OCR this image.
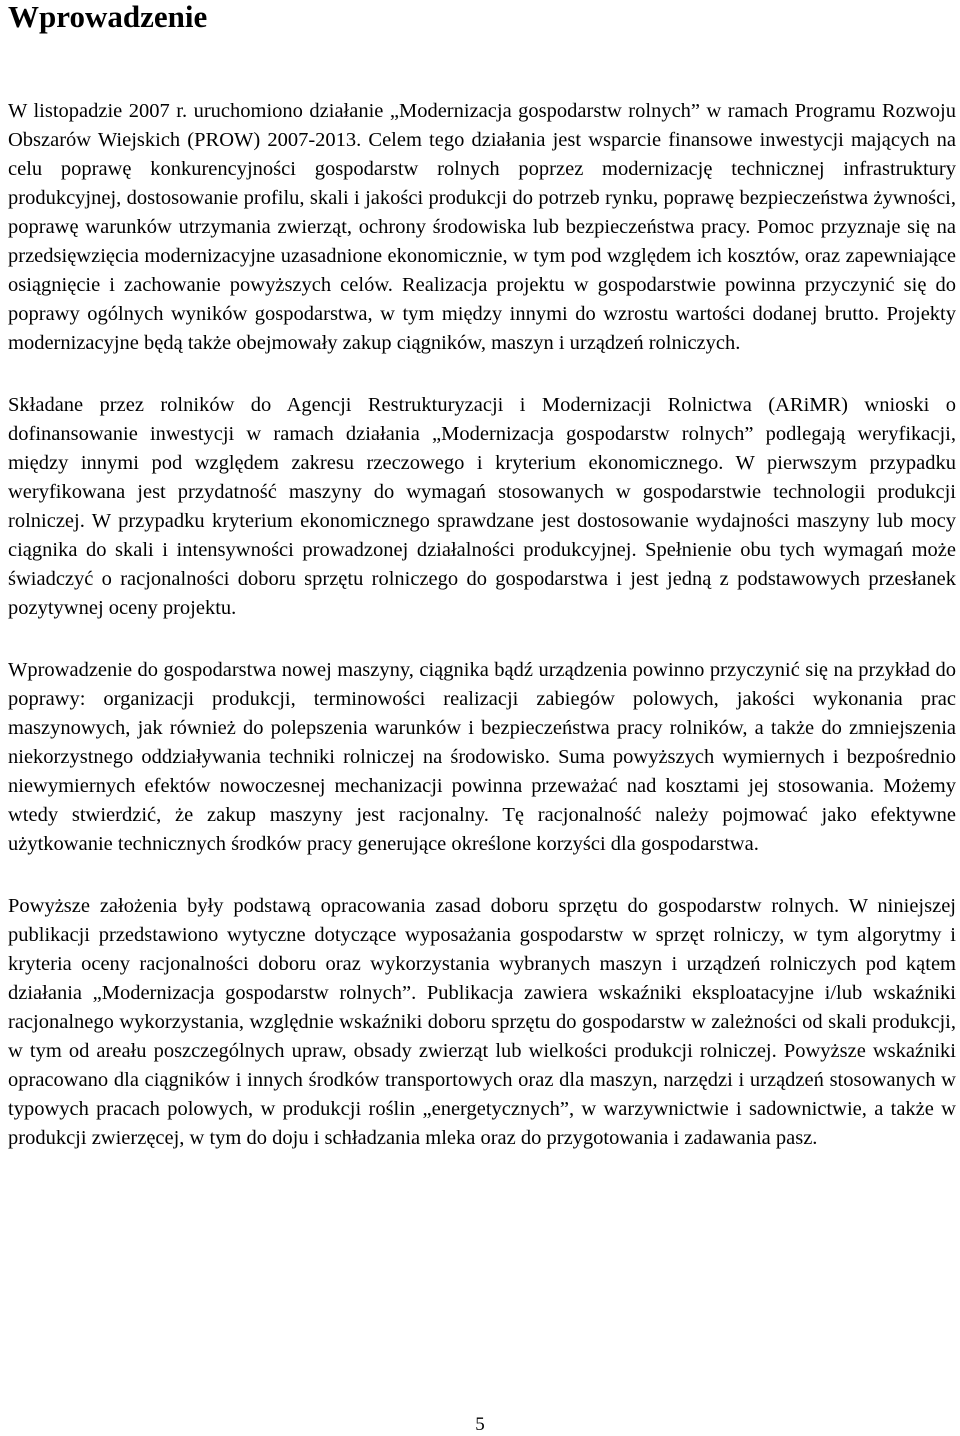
Wprowadzenie

W listopadzie 2007 r. uruchomiono działanie „Modernizacja gospodarstw rolnych” w ramach Programu Rozwoju Obszarów Wiejskich (PROW) 2007-2013. Celem tego działania jest wsparcie finansowe inwestycji mających na celu poprawę konkurencyjności gospodarstw rolnych poprzez modernizację technicznej infrastruktury produkcyjnej, dostosowanie profilu, skali i jakości produkcji do potrzeb rynku, poprawę bezpieczeństwa żywności, poprawę warunków utrzymania zwierząt, ochrony środowiska lub bezpieczeństwa pracy. Pomoc przyznaje się na przedsięwzięcia modernizacyjne uzasadnione ekonomicznie, w tym pod względem ich kosztów, oraz zapewniające osiągnięcie i zachowanie powyższych celów. Realizacja projektu w gospodarstwie powinna przyczynić się do poprawy ogólnych wyników gospodarstwa, w tym między innymi do wzrostu wartości dodanej brutto. Projekty modernizacyjne będą także obejmowały zakup ciągników, maszyn i urządzeń rolniczych.

Składane przez rolników do Agencji Restrukturyzacji i Modernizacji Rolnictwa (ARiMR) wnioski o dofinansowanie inwestycji w ramach działania „Modernizacja gospodarstw rolnych” podlegają weryfikacji, między innymi pod względem zakresu rzeczowego i kryterium ekonomicznego. W pierwszym przypadku weryfikowana jest przydatność maszyny do wymagań stosowanych w gospodarstwie technologii produkcji rolniczej. W przypadku kryterium ekonomicznego sprawdzane jest dostosowanie wydajności maszyny lub mocy ciągnika do skali i intensywności prowadzonej działalności produkcyjnej. Spełnienie obu tych wymagań może świadczyć o racjonalności doboru sprzętu rolniczego do gospodarstwa i jest jedną z podstawowych przesłanek pozytywnej oceny projektu.

Wprowadzenie do gospodarstwa nowej maszyny, ciągnika bądź urządzenia powinno przyczynić się na przykład do poprawy: organizacji produkcji, terminowości realizacji zabiegów polowych, jakości wykonania prac maszynowych, jak również do polepszenia warunków i bezpieczeństwa pracy rolników, a także do zmniejszenia niekorzystnego oddziaływania techniki rolniczej na środowisko. Suma powyższych wymiernych i bezpośrednio niewymiernych efektów nowoczesnej mechanizacji powinna przeważać nad kosztami jej stosowania. Możemy wtedy stwierdzić, że zakup maszyny jest racjonalny. Tę racjonalność należy pojmować jako efektywne użytkowanie technicznych środków pracy generujące określone korzyści dla gospodarstwa.

Powyższe założenia były podstawą opracowania zasad doboru sprzętu do gospodarstw rolnych. W niniejszej publikacji przedstawiono wytyczne dotyczące wyposażania gospodarstw w sprzęt rolniczy, w tym algorytmy i kryteria oceny racjonalności doboru oraz wykorzystania wybranych maszyn i urządzeń rolniczych pod kątem działania „Modernizacja gospodarstw rolnych”. Publikacja zawiera wskaźniki eksploatacyjne i/lub wskaźniki racjonalnego wykorzystania, względnie wskaźniki doboru sprzętu do gospodarstw w zależności od skali produkcji, w tym od areału poszczególnych upraw, obsady zwierząt lub wielkości produkcji rolniczej. Powyższe wskaźniki opracowano dla ciągników i innych środków transportowych oraz dla maszyn, narzędzi i urządzeń stosowanych w typowych pracach polowych, w produkcji roślin „energetycznych”, w warzywnictwie i sadownictwie, a także w produkcji zwierzęcej, w tym do doju i schładzania mleka oraz do przygotowania i zadawania pasz.

5
